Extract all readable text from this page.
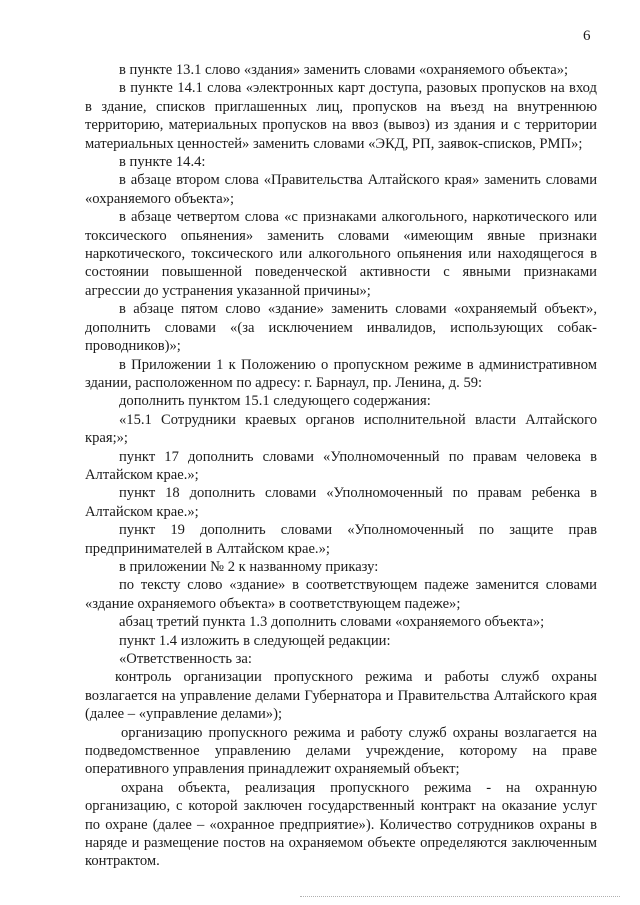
6

в пункте 13.1 слово «здания» заменить словами «охраняемого объекта»;

в пункте 14.1 слова «электронных карт доступа, разовых пропусков на вход в здание, списков приглашенных лиц, пропусков на въезд на внутреннюю территорию, материальных пропусков на ввоз (вывоз) из здания и с территории материальных ценностей» заменить словами «ЭКД, РП, заявок-списков, РМП»;

в пункте 14.4:

в абзаце втором слова «Правительства Алтайского края» заменить словами «охраняемого объекта»;

в абзаце четвертом слова «с признаками алкогольного, наркотического или токсического опьянения» заменить словами «имеющим явные признаки наркотического, токсического или алкогольного опьянения или находящегося в состоянии повышенной поведенческой активности с явными признаками агрессии до устранения указанной причины»;

в абзаце пятом слово «здание» заменить словами «охраняемый объект», дополнить словами «(за исключением инвалидов, использующих собак-проводников)»;

в Приложении 1 к Положению о пропускном режиме в административном здании, расположенном по адресу: г. Барнаул, пр. Ленина, д. 59:

дополнить пунктом 15.1 следующего содержания:

«15.1 Сотрудники краевых органов исполнительной власти Алтайского края;»;

пункт 17 дополнить словами «Уполномоченный по правам человека в Алтайском крае.»;

пункт 18 дополнить словами «Уполномоченный по правам ребенка в Алтайском крае.»;

пункт 19 дополнить словами «Уполномоченный по защите прав предпринимателей в Алтайском крае.»;

в приложении № 2 к названному приказу:

по тексту слово «здание» в соответствующем падеже заменится словами «здание охраняемого объекта» в соответствующем падеже»;

абзац третий пункта 1.3 дополнить словами «охраняемого объекта»;

пункт 1.4 изложить в следующей редакции:

«Ответственность за:

контроль организации пропускного режима и работы служб охраны возлагается на управление делами Губернатора и Правительства Алтайского края (далее – «управление делами»);

организацию пропускного режима и работу служб охраны возлагается на подведомственное управлению делами учреждение, которому на праве оперативного управления принадлежит охраняемый объект;

охрана объекта, реализация пропускного режима - на охранную организацию, с которой заключен государственный контракт на оказание услуг по охране (далее – «охранное предприятие»). Количество сотрудников охраны в наряде и размещение постов на охраняемом объекте определяются заключенным контрактом.
